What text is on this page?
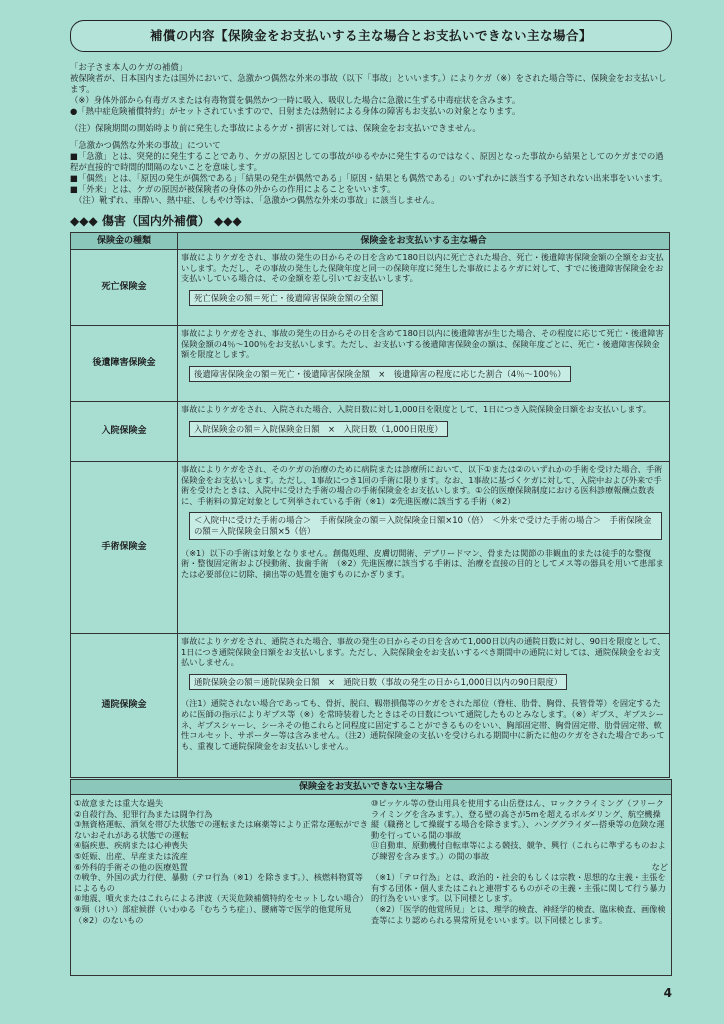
補償の内容【保険金をお支払いする主な場合とお支払いできない主な場合】

「お子さま本人のケガの補償」

被保険者が、日本国内または国外において、急激かつ偶然な外来の事故（以下「事故」といいます。）によりケガ（※）をされた場合等に、保険金をお支払いします。

（※）身体外部から有毒ガスまたは有毒物質を偶然かつ一時に吸入、吸収した場合に急激に生ずる中毒症状を含みます。

●「熱中症危険補償特約」がセットされていますので、日射または熱射による身体の障害もお支払いの対象となります。

（注）保険期間の開始時より前に発生した事故によるケガ・損害に対しては、保険金をお支払いできません。

「急激かつ偶然な外来の事故」について

■「急激」とは、突発的に発生することであり、ケガの原因としての事故がゆるやかに発生するのではなく、原因となった事故から結果としてのケガまでの過程が直接的で時間的間隔のないことを意味します。

■「偶然」とは、「原因の発生が偶然である」「結果の発生が偶然である」「原因・結果とも偶然である」のいずれかに該当する予知されない出来事をいいます。

■「外来」とは、ケガの原因が被保険者の身体の外からの作用によることをいいます。

　（注）靴ずれ、車酔い、熱中症、しもやけ等は、「急激かつ偶然な外来の事故」に該当しません。

◆◆◆ 傷害（国内外補償） ◆◆◆
保険金の種類	保険金をお支払いする主な場合
死亡保険金	事故によりケガをされ、事故の発生の日からその日を含めて180日以内に死亡された場合、死亡・後遺障害保険金額の全額をお支払いします。ただし、その事故の発生した保険年度と同一の保険年度に発生した事故によるケガに対して、すでに後遺障害保険金をお支払いしている場合は、その金額を差し引いてお支払いします。
死亡保険金の額＝死亡・後遺障害保険金額の全額
後遺障害保険金	事故によりケガをされ、事故の発生の日からその日を含めて180日以内に後遺障害が生じた場合、その程度に応じて死亡・後遺障害保険金額の4％～100％をお支払いします。ただし、お支払いする後遺障害保険金の額は、保険年度ごとに、死亡・後遺障害保険金額を限度とします。
後遺障害保険金の額＝死亡・後遺障害保険金額　×　後遺障害の程度に応じた割合（4％～100％）
入院保険金	事故によりケガをされ、入院された場合、入院日数に対し1,000日を限度として、1日につき入院保険金日額をお支払いします。
入院保険金の額＝入院保険金日額　×　入院日数（1,000日限度）
手術保険金	事故によりケガをされ、そのケガの治療のために病院または診療所において、以下①または②のいずれかの手術を受けた場合、手術保険金をお支払いします。ただし、1事故につき1回の手術に限ります。なお、1事故に基づくケガに対して、入院中および外来で手術を受けたときは、入院中に受けた手術の場合の手術保険金をお支払いします。①公的医療保険制度における医科診療報酬点数表に、手術料の算定対象として列挙されている手術（※1）②先進医療に該当する手術（※2）
＜入院中に受けた手術の場合＞　手術保険金の額＝入院保険金日額×10（倍）　＜外来で受けた手術の場合＞　手術保険金の額＝入院保険金日額×5（倍）
（※1）以下の手術は対象となりません。創傷処理、皮膚切開術、デブリードマン、骨または関節の非観血的または徒手的な整復術・整復固定術および授動術、抜歯手術　（※2）先進医療に該当する手術は、治療を直接の目的としてメス等の器具を用いて患部または必要部位に切除、摘出等の処置を施すものにかぎります。

通院保険金	事故によりケガをされ、通院された場合、事故の発生の日からその日を含めて1,000日以内の通院日数に対し、90日を限度として、1日につき通院保険金日額をお支払いします。ただし、入院保険金をお支払いするべき期間中の通院に対しては、通院保険金をお支払いしません。
通院保険金の額＝通院保険金日額　×　通院日数（事故の発生の日から1,000日以内の90日限度）
（注1）通院されない場合であっても、骨折、脱臼、靱帯損傷等のケガをされた部位（脊柱、肋骨、胸骨、長管骨等）を固定するために医師の指示によりギプス等（※）を常時装着したときはその日数について通院したものとみなします。（※）ギプス、ギプスシーネ、ギプスシャーレ、シーネその他これらと同程度に固定することができるものをいい、胸部固定帯、胸骨固定帯、肋骨固定帯、軟性コルセット、サポーター等は含みません。（注2）通院保険金の支払いを受けられる期間中に新たに他のケガをされた場合であっても、重複して通院保険金をお支払いしません。
保険金をお支払いできない主な場合

①故意または重大な過失

②自殺行為、犯罪行為または闘争行為

③無資格運転、酒気を帯びた状態での運転または麻薬等により正常な運転ができないおそれがある状態での運転

④脳疾患、疾病または心神喪失

⑤妊娠、出産、早産または流産

⑥外科的手術その他の医療処置

⑦戦争、外国の武力行使、暴動（テロ行為（※1）を除きます。）、核燃料物質等によるもの

⑧地震、噴火またはこれらによる津波（天災危険補償特約をセットしない場合）

⑨頸（けい）部症候群（いわゆる「むちうち症」）、腰痛等で医学的他覚所見（※2）のないもの

⑩ピッケル等の登山用具を使用する山岳登はん、ロッククライミング（フリークライミングを含みます。）、登る壁の高さが5mを超えるボルダリング、航空機操縦（職務として操縦する場合を除きます。）、ハンググライダー搭乗等の危険な運動を行っている間の事故

⑪自動車、原動機付自転車等による競技、競争、興行（これらに準ずるものおよび練習を含みます。）の間の事故

など

（※1）「テロ行為」とは、政治的・社会的もしくは宗教・思想的な主義・主張を有する団体・個人またはこれと連帯するものがその主義・主張に関して行う暴力的行為をいいます。以下同様とします。

（※2）「医学的他覚所見」とは、理学的検査、神経学的検査、臨床検査、画像検査等により認められる異常所見をいいます。以下同様とします。

4
